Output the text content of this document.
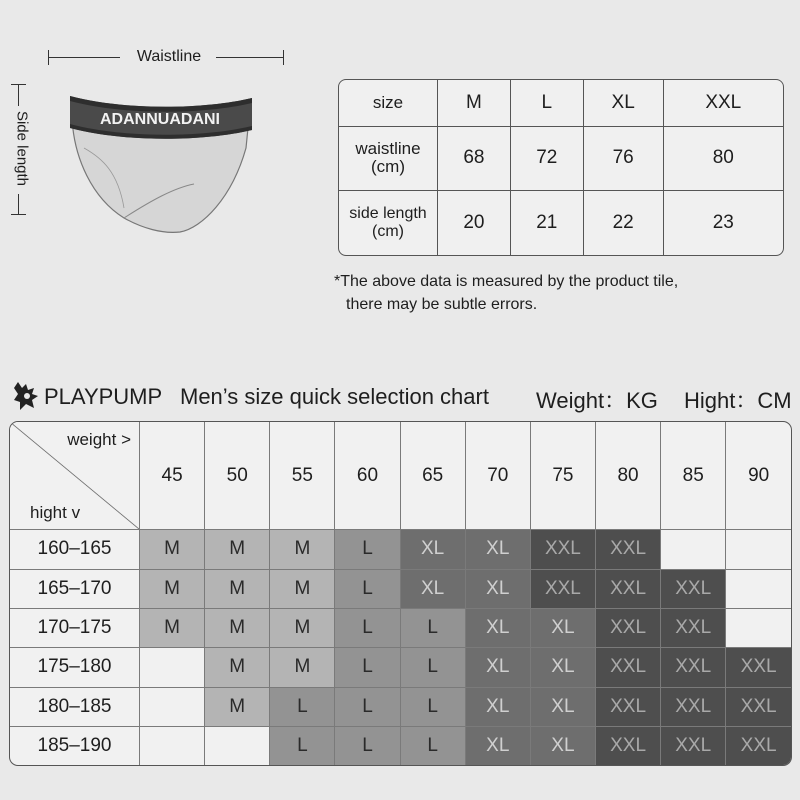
Waistline
Side length	ADANNUADANI
size	M	L	XL	XXL
waistline
(cm)	68	72	76	80
side length
(cm)	20	21	22	23
*The above data is measured by the product tile,
there may be subtle errors.
PLAYPUMP Men’s size quick selection chart Weight：KG Hight：CM
weight >
hight v	45	50	55	60	65	70	75	80	85	90
160–165	M	M	M	L	XL	XL	XXL	XXL		
165–170	M	M	M	L	XL	XL	XXL	XXL	XXL	
170–175	M	M	M	L	L	XL	XL	XXL	XXL	
175–180		M	M	L	L	XL	XL	XXL	XXL	XXL
180–185		M	L	L	L	XL	XL	XXL	XXL	XXL
185–190			L	L	L	XL	XL	XXL	XXL	XXL
